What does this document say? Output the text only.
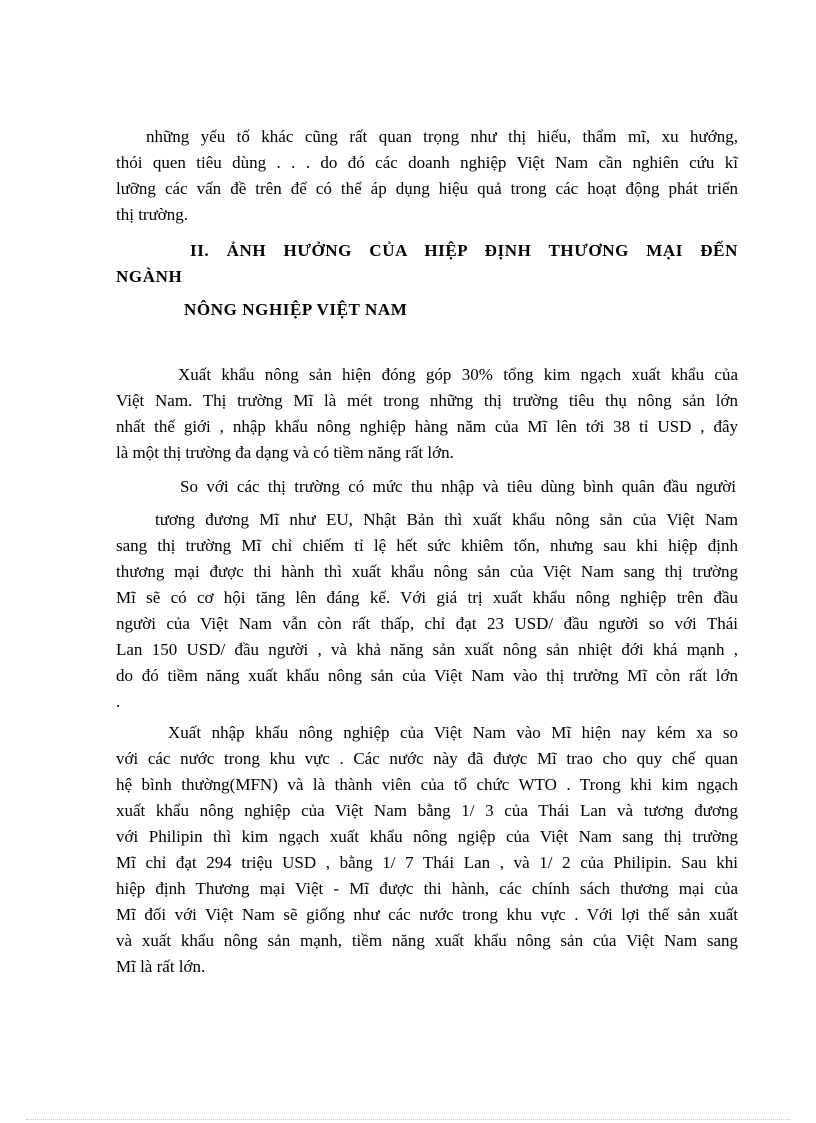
những yếu tố khác cũng rất quan trọng như thị hiếu, thẩm mĩ, xu hướng,
thói quen tiêu dùng . . . do đó các doanh nghiệp Việt Nam cần nghiên cứu kĩ
lưỡng các vấn đề trên để có thể áp dụng hiệu quả trong các hoạt động phát triển
thị trường.
II. ẢNH HƯỞNG CỦA HIỆP ĐỊNH THƯƠNG MẠI ĐẾN
NGÀNH
NÔNG NGHIỆP VIỆT NAM
Xuất khẩu nông sản hiện đóng góp 30% tổng kim ngạch xuất khẩu của
Việt Nam. Thị trường Mĩ là mét trong những thị trường tiêu thụ nông sản lớn
nhất thế giới , nhập khẩu nông nghiệp hàng năm của Mĩ lên tới 38 tỉ USD , đây
là một thị trường đa dạng và có tiềm năng rất lớn.
So với các thị trường có mức thu nhập và tiêu dùng bình quân đầu người
tương đương Mĩ như EU, Nhật Bản thì xuất khẩu nông sản của Việt Nam
sang thị trường Mĩ chỉ chiếm tỉ lệ hết sức khiêm tốn, nhưng sau khi hiệp định
thương mại được thi hành thì xuất khẩu nông sản của Việt Nam sang thị trường
Mĩ sẽ có cơ hội tăng lên đáng kể. Với giá trị xuất khẩu nông nghiệp trên đầu
người của Việt Nam vẫn còn rất thấp, chỉ đạt 23 USD/ đầu người so với Thái
Lan 150 USD/ đầu người , và khả năng sản xuất nông sản nhiệt đới khá mạnh ,
do đó tiềm năng xuất khẩu nông sản của Việt Nam vào thị trường Mĩ còn rất lớn
.
Xuất nhập khẩu nông nghiệp của Việt Nam vào Mĩ hiện nay kém xa so
với các nước trong khu vực . Các nước này đã được Mĩ trao cho quy chế quan
hệ bình thường(MFN) và là thành viên của tổ chức WTO . Trong khi kim ngạch
xuất khẩu nông nghiệp của Việt Nam bằng 1/ 3 của Thái Lan và tương đương
với Philipin thì kim ngạch xuất khẩu nông ngiệp của Việt Nam sang thị trường
Mĩ chỉ đạt 294 triệu USD , bằng 1/ 7 Thái Lan , và 1/ 2 của Philipin. Sau khi
hiệp định Thương mại Việt - Mĩ được thi hành, các chính sách thương mại của
Mĩ đối với Việt Nam sẽ giống như các nước trong khu vực . Với lợi thế sản xuất
và xuất khẩu nông sản mạnh, tiềm năng xuất khẩu nông sản của Việt Nam sang
Mĩ là rất lớn.
